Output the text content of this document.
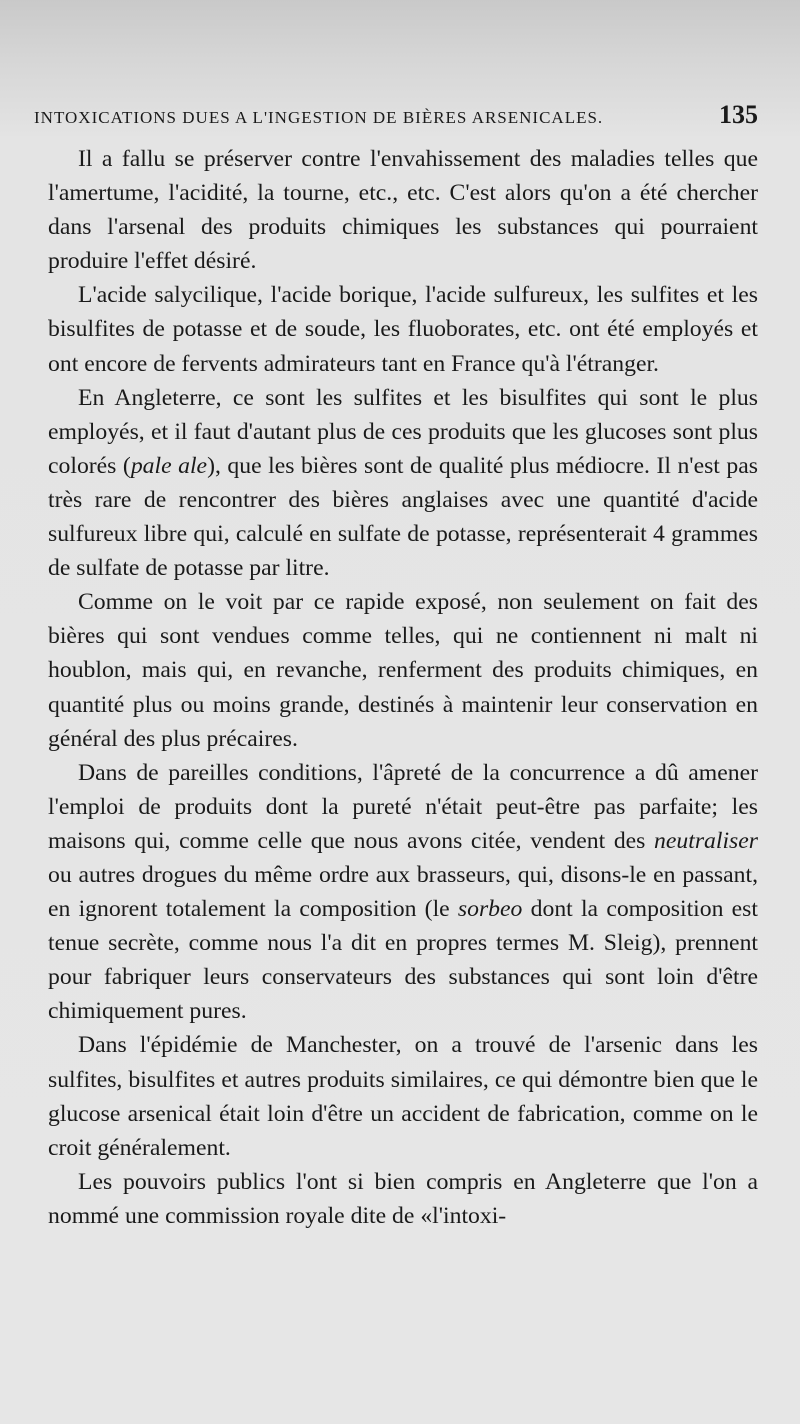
INTOXICATIONS DUES A L'INGESTION DE BIÈRES ARSENICALES.	135

Il a fallu se préserver contre l'envahissement des maladies telles que l'amertume, l'acidité, la tourne, etc., etc. C'est alors qu'on a été chercher dans l'arsenal des produits chimiques les substances qui pourraient produire l'effet désiré.

L'acide salycilique, l'acide borique, l'acide sulfureux, les sulfites et les bisulfites de potasse et de soude, les fluoborates, etc. ont été employés et ont encore de fervents admirateurs tant en France qu'à l'étranger.

En Angleterre, ce sont les sulfites et les bisulfites qui sont le plus employés, et il faut d'autant plus de ces produits que les glucoses sont plus colorés (pale ale), que les bières sont de qualité plus médiocre. Il n'est pas très rare de rencontrer des bières anglaises avec une quantité d'acide sulfureux libre qui, calculé en sulfate de potasse, représenterait 4 grammes de sulfate de potasse par litre.

Comme on le voit par ce rapide exposé, non seulement on fait des bières qui sont vendues comme telles, qui ne contiennent ni malt ni houblon, mais qui, en revanche, renferment des produits chimiques, en quantité plus ou moins grande, destinés à maintenir leur conservation en général des plus précaires.

Dans de pareilles conditions, l'âpreté de la concurrence a dû amener l'emploi de produits dont la pureté n'était peut-être pas parfaite; les maisons qui, comme celle que nous avons citée, vendent des neutraliser ou autres drogues du même ordre aux brasseurs, qui, disons-le en passant, en ignorent totalement la composition (le sorbeo dont la composition est tenue secrète, comme nous l'a dit en propres termes M. Sleig), prennent pour fabriquer leurs conservateurs des substances qui sont loin d'être chimiquement pures.

Dans l'épidémie de Manchester, on a trouvé de l'arsenic dans les sulfites, bisulfites et autres produits similaires, ce qui démontre bien que le glucose arsenical était loin d'être un accident de fabrication, comme on le croit généralement.

Les pouvoirs publics l'ont si bien compris en Angleterre que l'on a nommé une commission royale dite de «l'intoxi-
